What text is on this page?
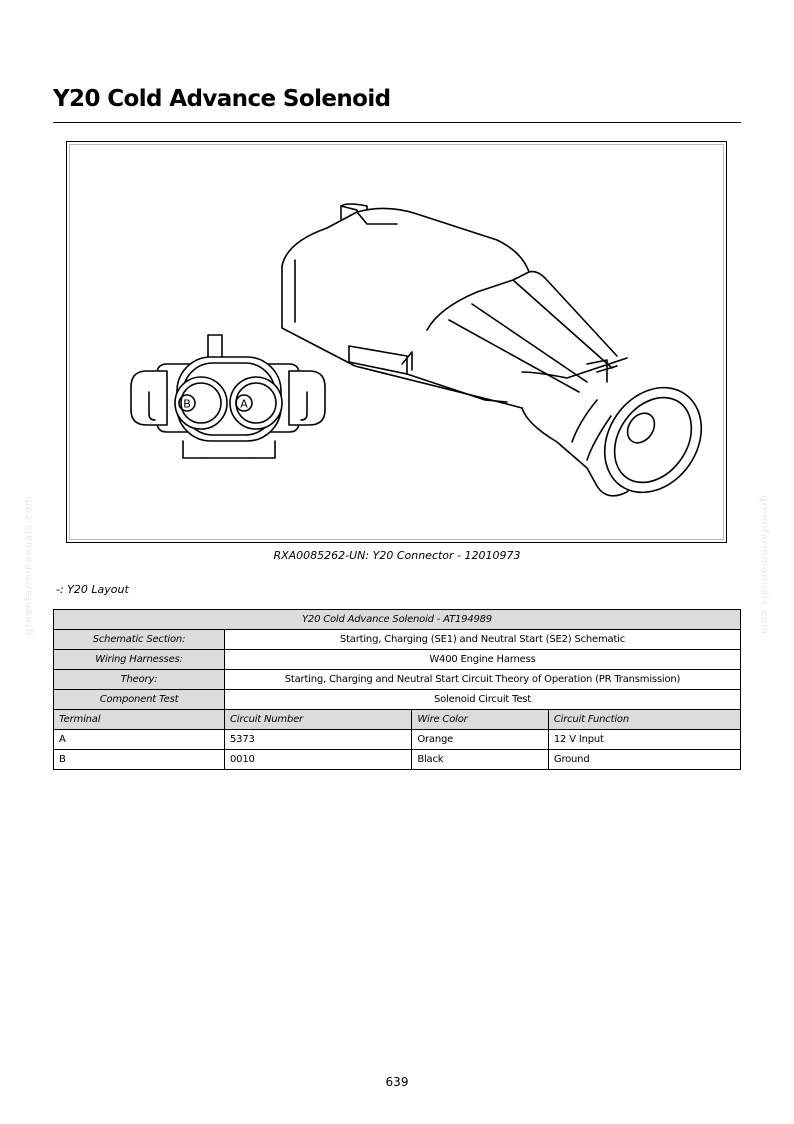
Y20 Cold Advance Solenoid
B	A
RXA0085262-UN: Y20 Connector - 12010973
-: Y20 Layout
greenfarmmanuals.com	greenfarmmanuals.com
Y20 Cold Advance Solenoid - AT194989			
Schematic Section:	Starting, Charging (SE1) and Neutral Start (SE2) Schematic		
Wiring Harnesses:	W400 Engine Harness		
Theory:	Starting, Charging and Neutral Start Circuit Theory of Operation (PR Transmission)		
Component Test	Solenoid Circuit Test		
Terminal	Circuit Number	Wire Color	Circuit Function
A	5373	Orange	12 V Input
B	0010	Black	Ground
639
